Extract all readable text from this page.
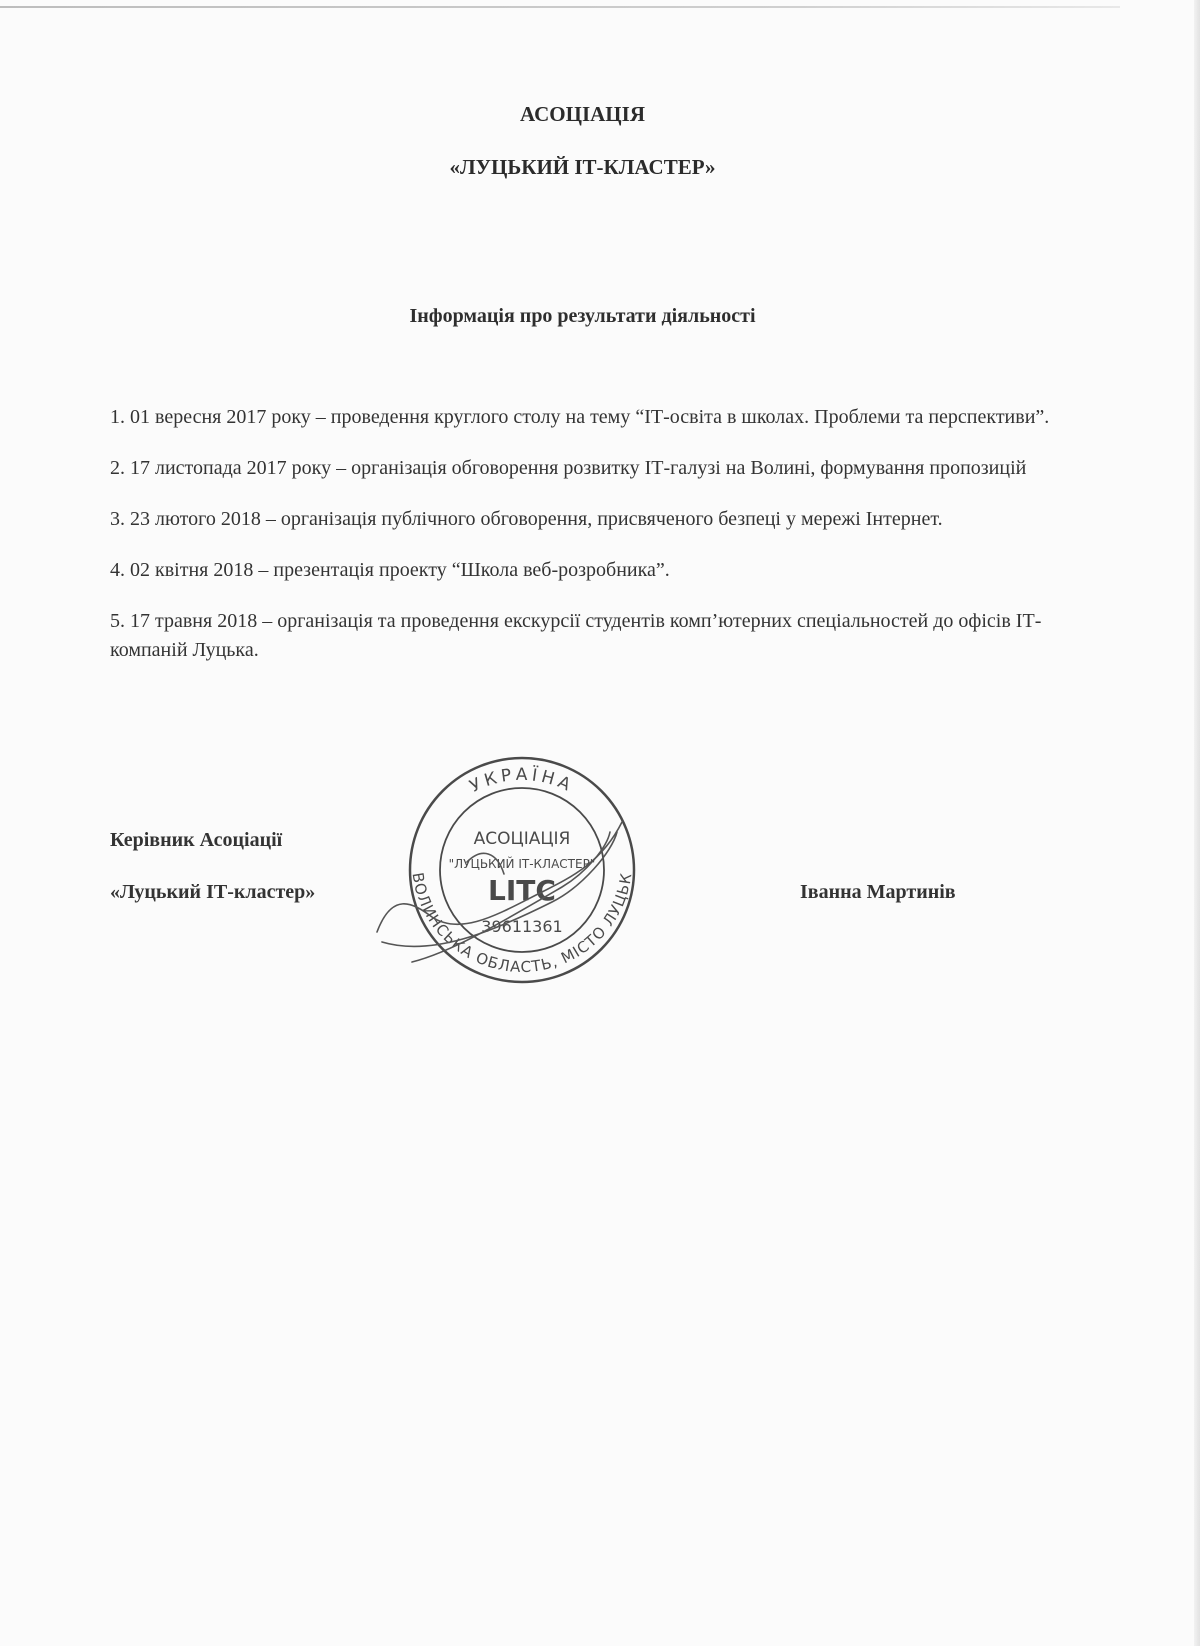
АСОЦІАЦІЯ
«ЛУЦЬКИЙ ІТ-КЛАСТЕР»
Інформація про результати діяльності
1. 01 вересня 2017 року – проведення круглого столу на тему “ІТ-освіта в школах. Проблеми та перспективи”.
2. 17 листопада 2017 року – організація обговорення розвитку ІТ-галузі на Волині, формування пропозицій
3. 23 лютого 2018 – організація публічного обговорення, присвяченого безпеці у мережі Інтернет.
4. 02 квітня 2018 – презентація проекту “Школа веб-розробника”.
5. 17 травня 2018 – організація та проведення екскурсії студентів комп’ютерних спеціальностей до офісів ІТ-компаній Луцька.
Керівник Асоціації
«Луцький ІТ-кластер»	Іванна Мартинів
УКРАЇНА
ВОЛИНСЬКА ОБЛАСТЬ, МІСТО ЛУЦЬК
АСОЦІАЦІЯ
"ЛУЦЬКИЙ ІТ-КЛАСТЕР"
LITC
39611361
